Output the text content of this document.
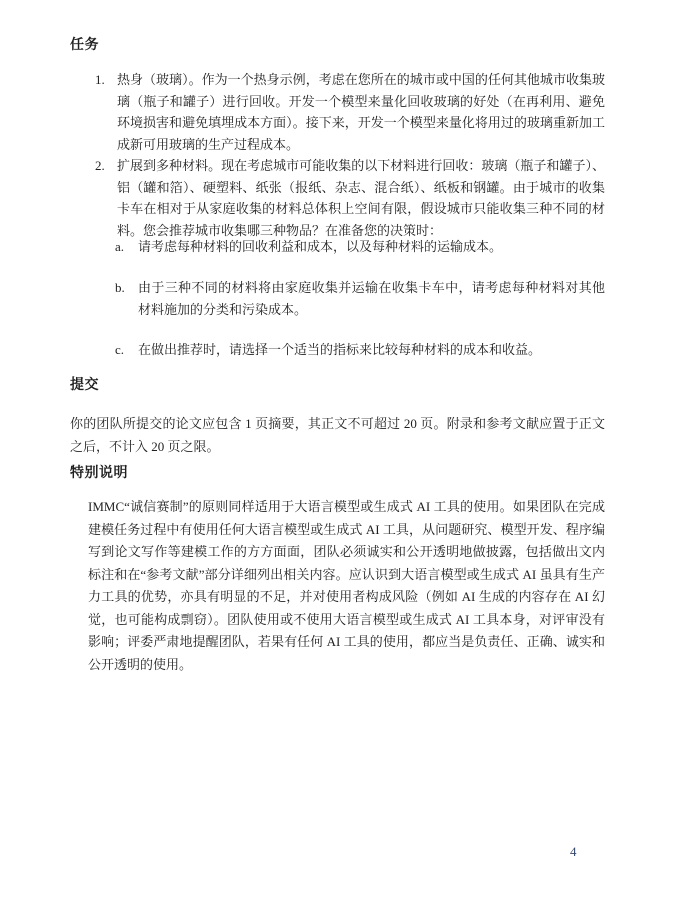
任务
1. 热身（玻璃）。作为一个热身示例，考虑在您所在的城市或中国的任何其他城市收集玻璃（瓶子和罐子）进行回收。开发一个模型来量化回收玻璃的好处（在再利用、避免环境损害和避免填埋成本方面）。接下来，开发一个模型来量化将用过的玻璃重新加工成新可用玻璃的生产过程成本。
2. 扩展到多种材料。现在考虑城市可能收集的以下材料进行回收：玻璃（瓶子和罐子）、铝（罐和箔）、硬塑料、纸张（报纸、杂志、混合纸）、纸板和钢罐。由于城市的收集卡车在相对于从家庭收集的材料总体积上空间有限，假设城市只能收集三种不同的材料。您会推荐城市收集哪三种物品？在准备您的决策时：
a. 请考虑每种材料的回收利益和成本，以及每种材料的运输成本。
b. 由于三种不同的材料将由家庭收集并运输在收集卡车中，请考虑每种材料对其他材料施加的分类和污染成本。
c. 在做出推荐时，请选择一个适当的指标来比较每种材料的成本和收益。
提交

你的团队所提交的论文应包含 1 页摘要，其正文不可超过 20 页。附录和参考文献应置于正文之后，不计入 20 页之限。

特别说明

IMMC“诚信赛制”的原则同样适用于大语言模型或生成式 AI 工具的使用。如果团队在完成建模任务过程中有使用任何大语言模型或生成式 AI 工具，从问题研究、模型开发、程序编写到论文写作等建模工作的方方面面，团队必须诚实和公开透明地做披露，包括做出文内标注和在“参考文献”部分详细列出相关内容。应认识到大语言模型或生成式 AI 虽具有生产力工具的优势，亦具有明显的不足，并对使用者构成风险（例如 AI 生成的内容存在 AI 幻觉，也可能构成剽窃）。团队使用或不使用大语言模型或生成式 AI 工具本身，对评审没有影响；评委严肃地提醒团队，若果有任何 AI 工具的使用，都应当是负责任、正确、诚实和公开透明的使用。

4
